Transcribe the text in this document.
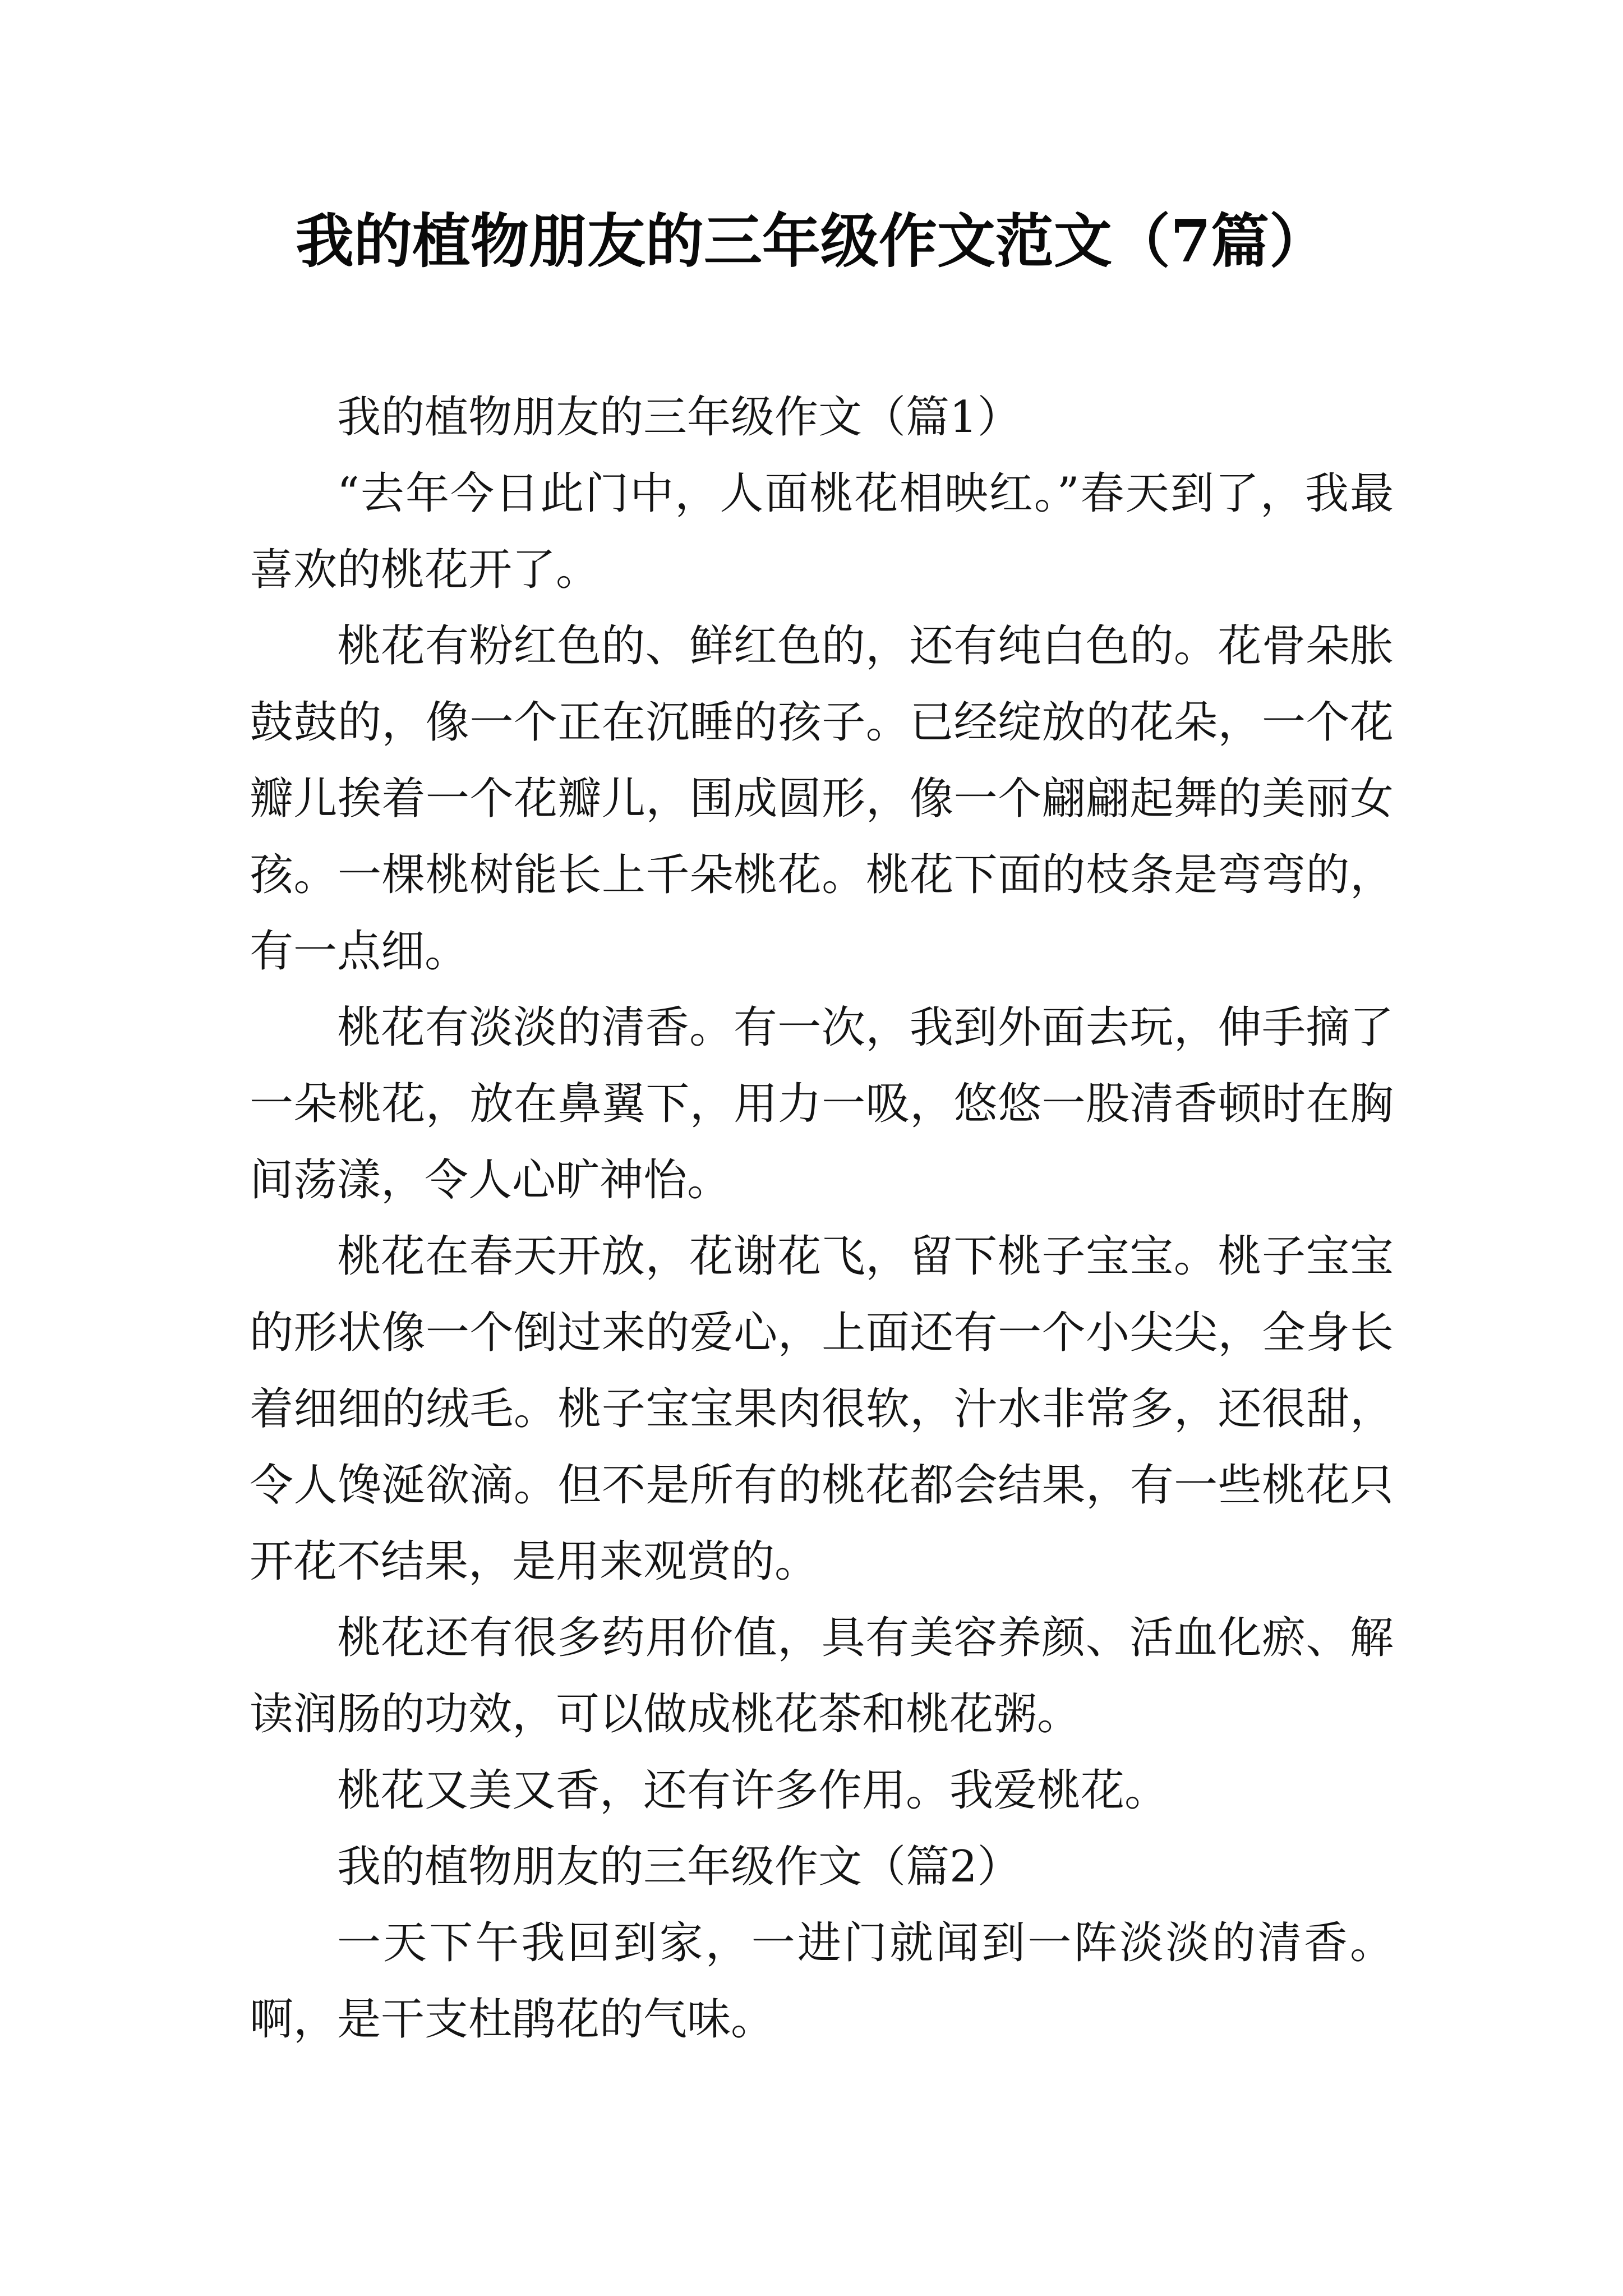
我的植物朋友的三年级作文范文（7篇）

我的植物朋友的三年级作文（篇1）

“去年今日此门中，人面桃花相映红。”春天到了，我最喜欢的桃花开了。

桃花有粉红色的、鲜红色的，还有纯白色的。花骨朵胀鼓鼓的，像一个正在沉睡的孩子。已经绽放的花朵，一个花瓣儿挨着一个花瓣儿，围成圆形，像一个翩翩起舞的美丽女孩。一棵桃树能长上千朵桃花。桃花下面的枝条是弯弯的，有一点细。

桃花有淡淡的清香。有一次，我到外面去玩，伸手摘了一朵桃花，放在鼻翼下，用力一吸，悠悠一股清香顿时在胸间荡漾，令人心旷神怡。

桃花在春天开放，花谢花飞，留下桃子宝宝。桃子宝宝的形状像一个倒过来的爱心，上面还有一个小尖尖，全身长着细细的绒毛。桃子宝宝果肉很软，汁水非常多，还很甜，令人馋涎欲滴。但不是所有的桃花都会结果，有一些桃花只开花不结果，是用来观赏的。

桃花还有很多药用价值，具有美容养颜、活血化瘀、解读润肠的功效，可以做成桃花茶和桃花粥。

桃花又美又香，还有许多作用。我爱桃花。

我的植物朋友的三年级作文（篇2）

一天下午我回到家，一进门就闻到一阵淡淡的清香。啊，是干支杜鹃花的气味。
